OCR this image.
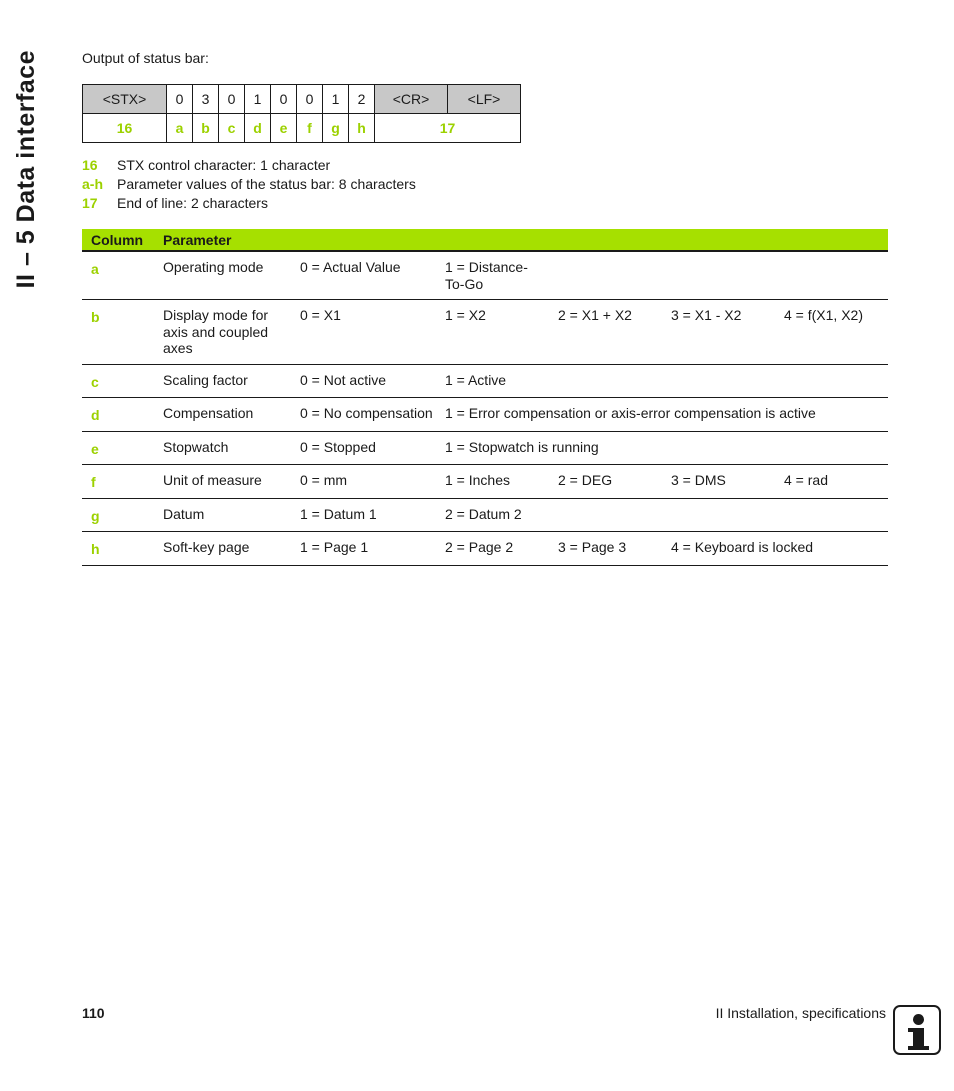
II – 5 Data interface	Output of status bar:
<STX>	0	3	0	1	0	0	1	2	<CR>	<LF>
16	a	b	c	d	e	f	g	h	17	
16	STX control character: 1 character
a-h	Parameter values of the status bar: 8 characters
17	End of line: 2 characters
Column	Parameter					
a	Operating mode	0 = Actual Value	1 = Distance-To-Go			
b	Display mode for axis and coupled axes	0 = X1	1 = X2	2 = X1 + X2	3 = X1 - X2	4 = f(X1, X2)
c	Scaling factor	0 = Not active	1 = Active			
d	Compensation	0 = No compensation	1 = Error compensation or axis-error compensation is active			
e	Stopwatch	0 = Stopped	1 = Stopwatch is running			
f	Unit of measure	0 = mm	1 = Inches	2 = DEG	3 = DMS	4 = rad
g	Datum	1 = Datum 1	2 = Datum 2			
h	Soft-key page	1 = Page 1	2 = Page 2	3 = Page 3	4 = Keyboard is locked	
110	II Installation, specifications
